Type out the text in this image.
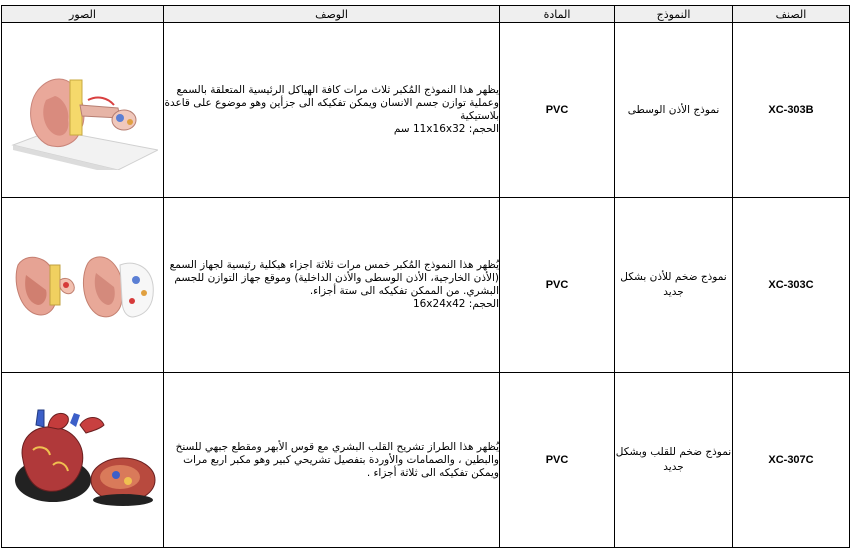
الصور	الوصف	المادة	النموذج	الصنف

	يظهر هذا النموذج المُكبر ثلاث مرات كافة الهياكل الرئيسية المتعلقة بالسمع وعملية توازن جسم الانسان ويمكن تفكيكه الى جزأين وهو موضوع على قاعدة بلاستيكية
الحجم: 11x16x32 سم	PVC	نموذج الأذن الوسطى	XC-303B

	يُظهر هذا النموذج المُكبر خمس مرات ثلاثة اجزاء هيكلية رئيسية لجهاز السمع (الأذن الخارجية، الأذن الوسطى والأذن الداخلية) وموقع جهاز التوازن للجسم البشري. من الممكن تفكيكه الى ستة أجزاء.
الحجم: 16x24x42	PVC	نموذج ضخم للأذن بشكل جديد	XC-303C

	يُظهر هذا الطراز تشريح القلب البشري مع قوس الأبهر ومقطع جبهي للسنخ والبطين ، والصمامات والأوردة بتفصيل تشريحي كبير وهو مكبر اربع مرات ويمكن تفكيكه الى ثلاثة أجزاء .	PVC	نموذج ضخم للقلب وبشكل جديد	XC-307C
